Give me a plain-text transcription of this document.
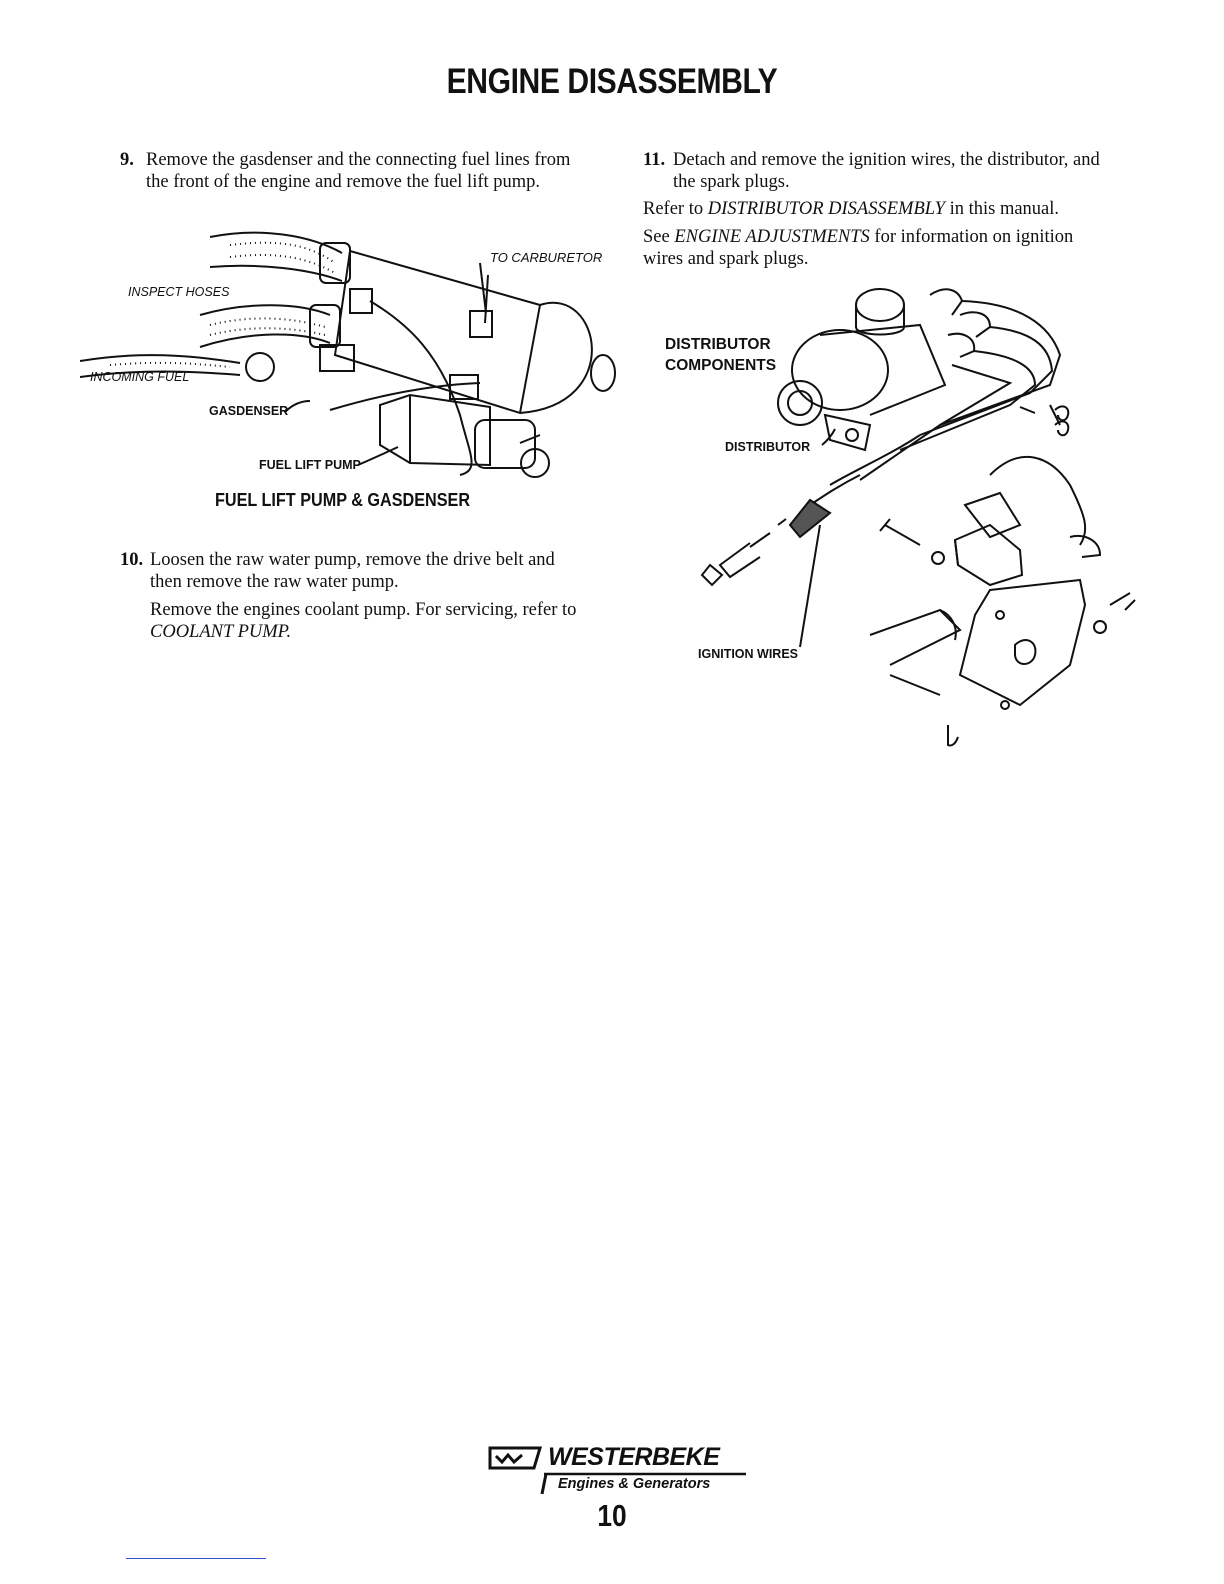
ENGINE DISASSEMBLY
9. Remove the gasdenser and the connecting fuel lines from
the front of the engine and remove the fuel lift pump.
TO CARBURETOR
INSPECT HOSES
INCOMING FUEL
GASDENSER
FUEL LIFT PUMP
FUEL LIFT PUMP & GASDENSER
10. Loosen the raw water pump, remove the drive belt and
then remove the raw water pump.
Remove the engines coolant pump. For servicing, refer to
COOLANT PUMP.
11. Detach and remove the ignition wires, the distributor, and
the spark plugs.
Refer to DISTRIBUTOR DISASSEMBLY in this manual.
See ENGINE ADJUSTMENTS for information on ignition
wires and spark plugs.
DISTRIBUTOR
COMPONENTS
DISTRIBUTOR
IGNITION WIRES
WESTERBEKE
Engines & Generators
10
